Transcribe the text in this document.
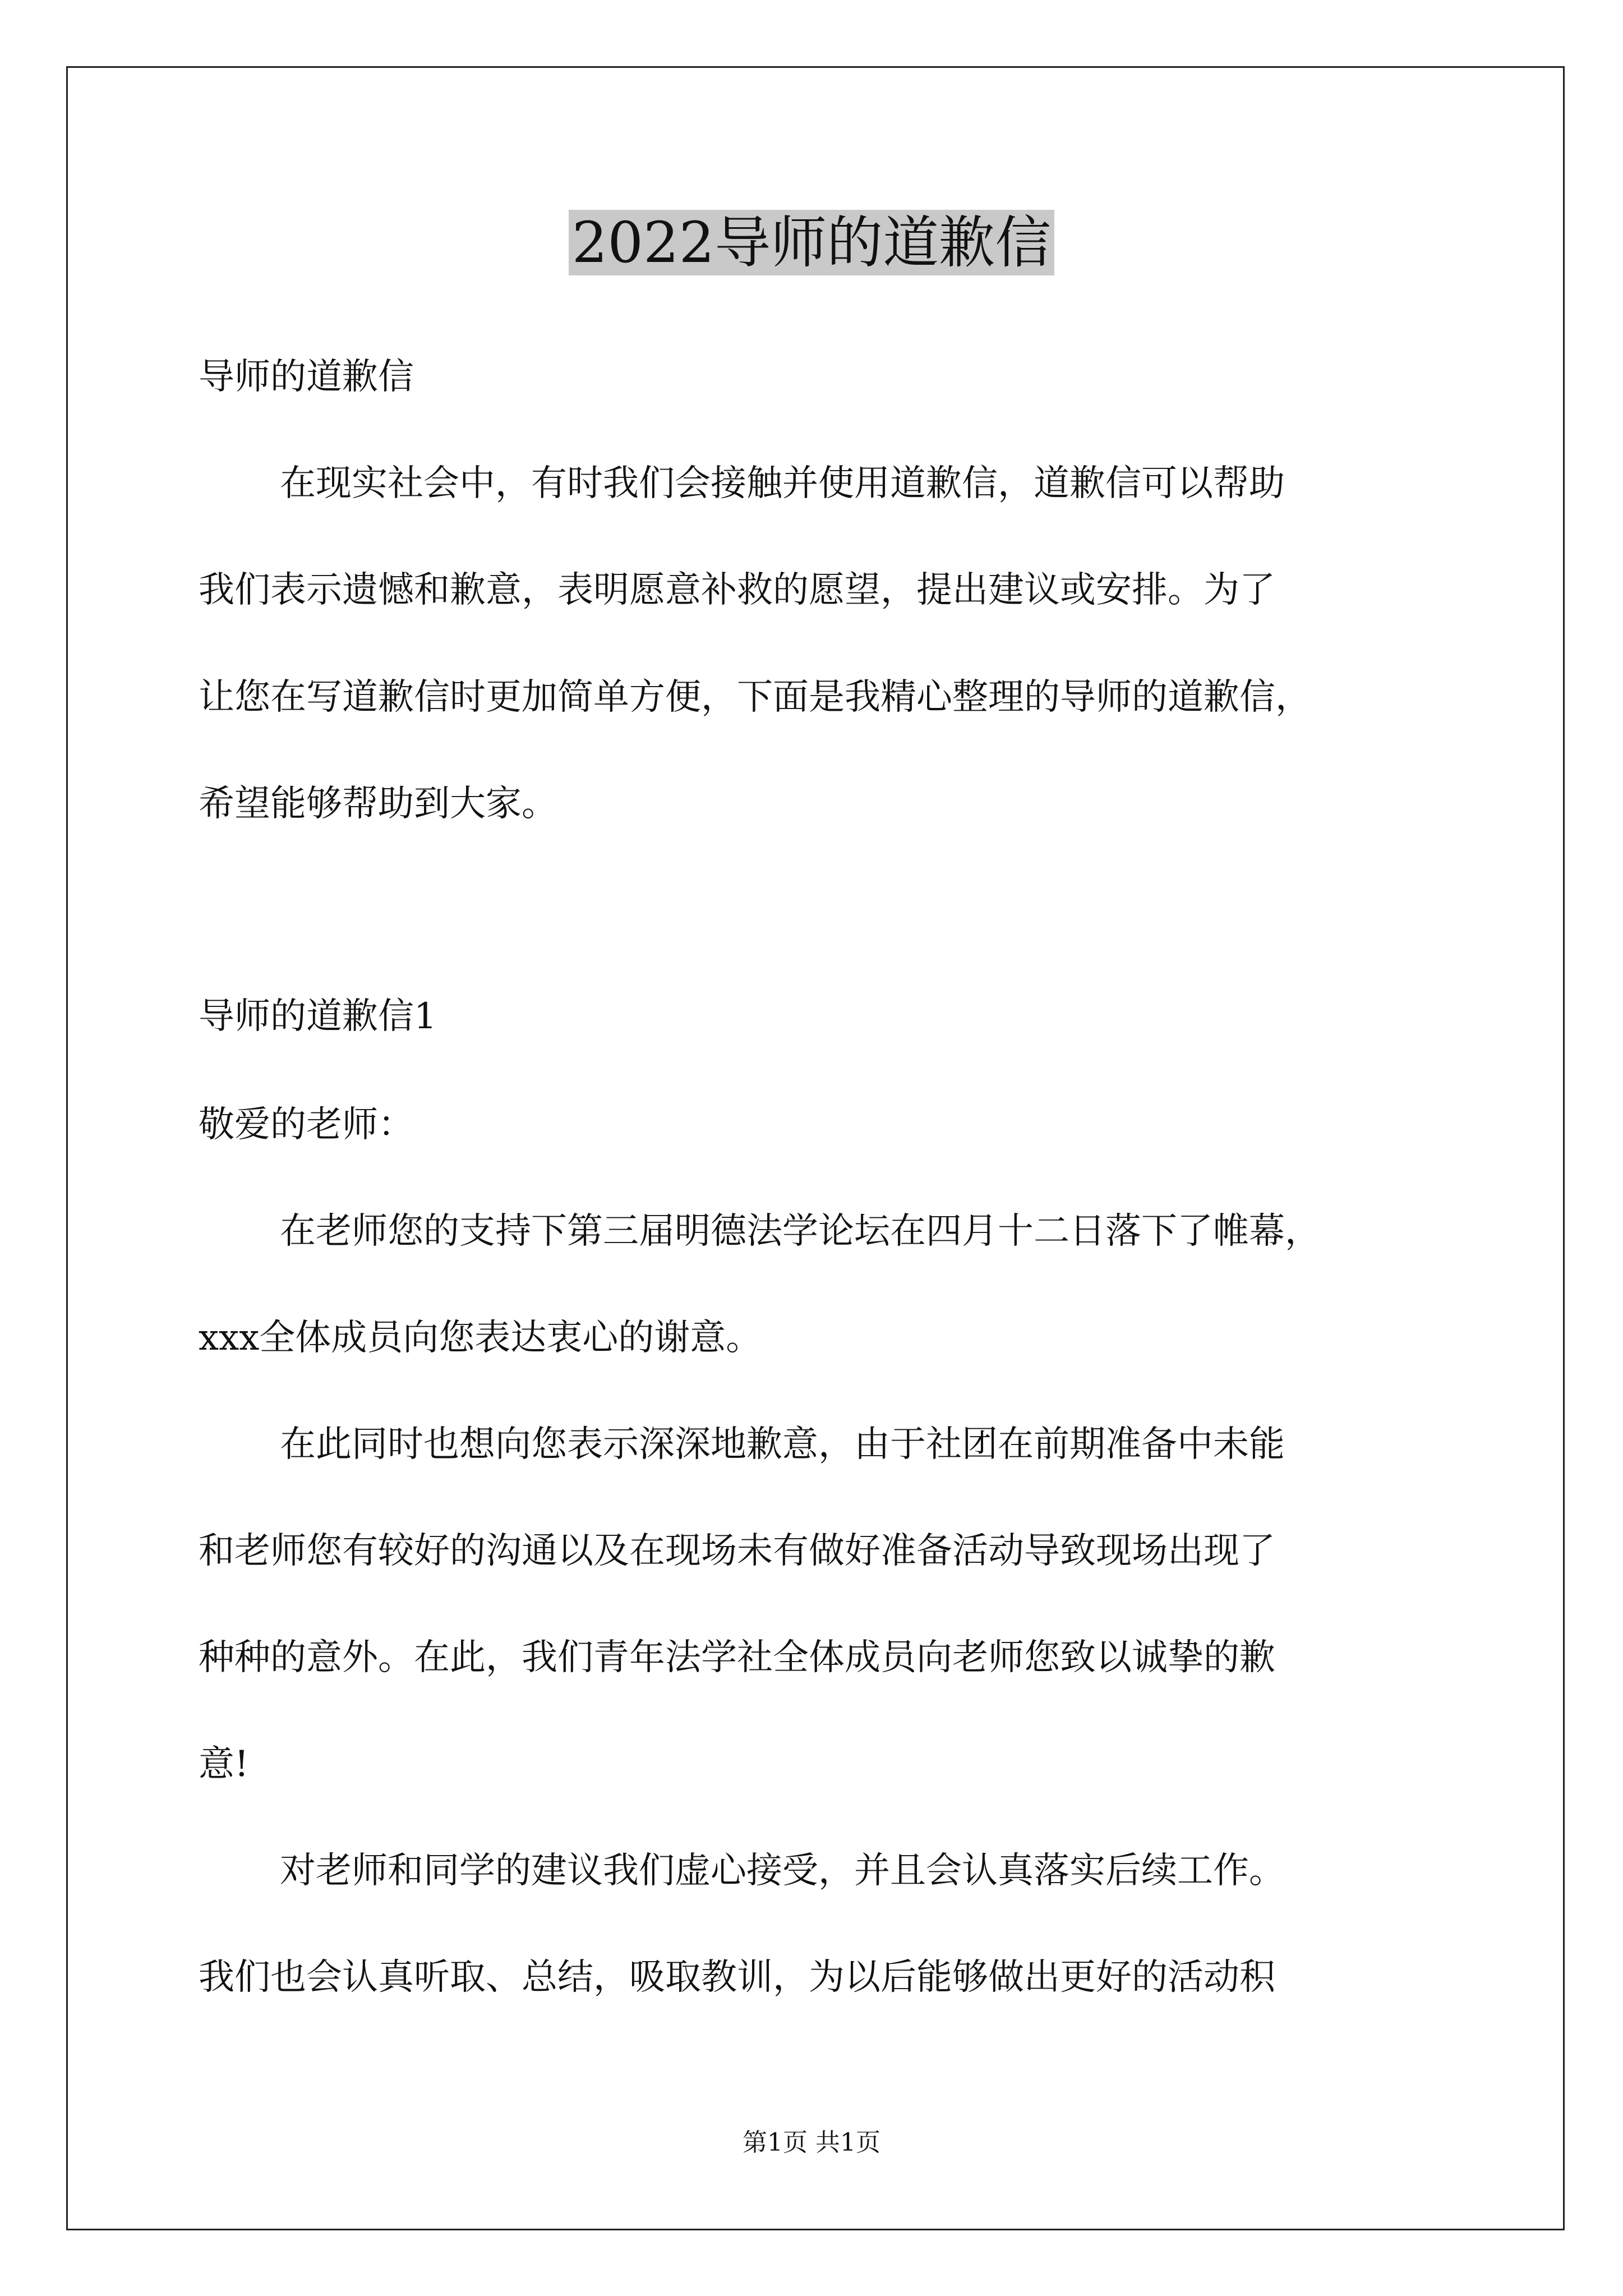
2022导师的道歉信
导师的道歉信
在现实社会中，有时我们会接触并使用道歉信，道歉信可以帮助
我们表示遗憾和歉意，表明愿意补救的愿望，提出建议或安排。为了
让您在写道歉信时更加简单方便，下面是我精心整理的导师的道歉信，
希望能够帮助到大家。
导师的道歉信1
敬爱的老师：
在老师您的支持下第三届明德法学论坛在四月十二日落下了帷幕，
xxx全体成员向您表达衷心的谢意。
在此同时也想向您表示深深地歉意，由于社团在前期准备中未能
和老师您有较好的沟通以及在现场未有做好准备活动导致现场出现了
种种的意外。在此，我们青年法学社全体成员向老师您致以诚挚的歉
意!
对老师和同学的建议我们虚心接受，并且会认真落实后续工作。
我们也会认真听取、总结，吸取教训，为以后能够做出更好的活动积
第1页 共1页
